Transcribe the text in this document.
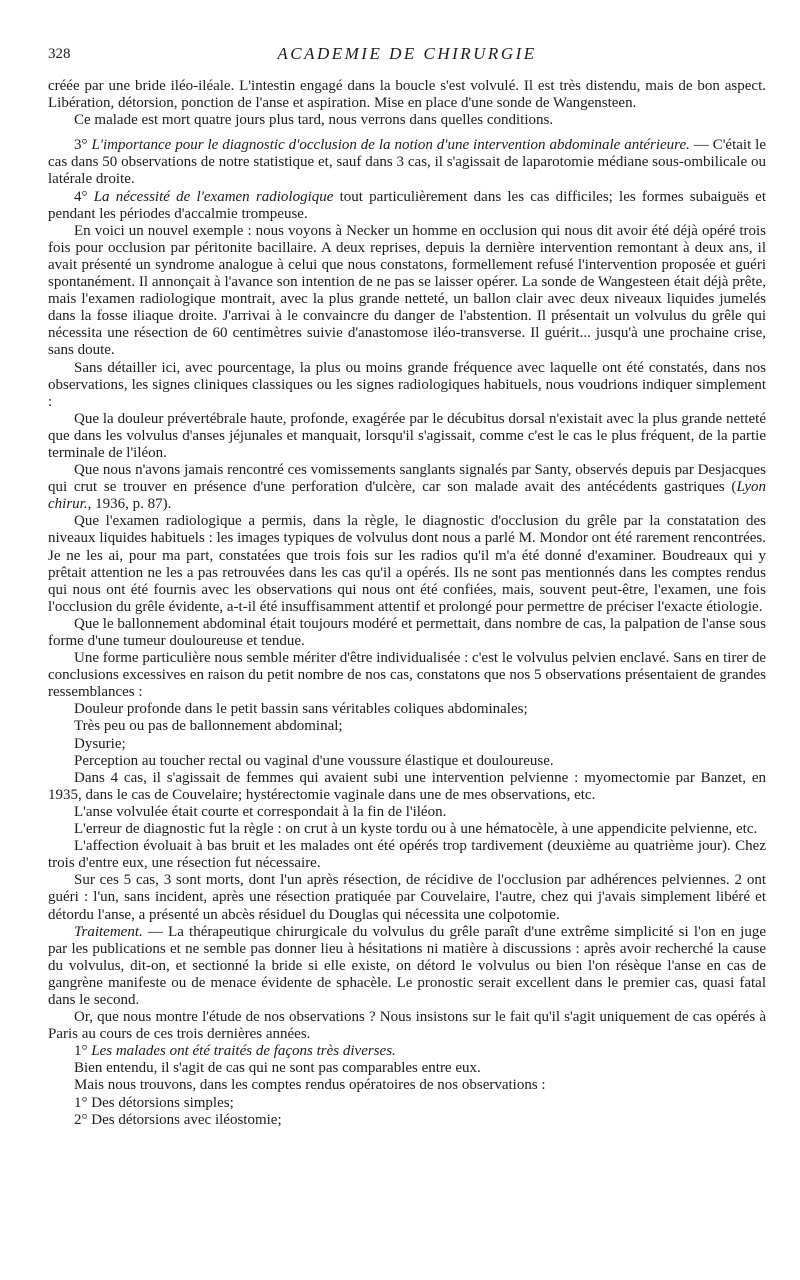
328	ACADEMIE DE CHIRURGIE

créée par une bride iléo-iléale. L'intestin engagé dans la boucle s'est volvulé. Il est très distendu, mais de bon aspect. Libération, détorsion, ponction de l'anse et aspiration. Mise en place d'une sonde de Wangensteen.

Ce malade est mort quatre jours plus tard, nous verrons dans quelles conditions.

3° L'importance pour le diagnostic d'occlusion de la notion d'une intervention abdominale antérieure. — C'était le cas dans 50 observations de notre statistique et, sauf dans 3 cas, il s'agissait de laparotomie médiane sous-ombilicale ou latérale droite.

4° La nécessité de l'examen radiologique tout particulièrement dans les cas difficiles; les formes subaiguës et pendant les périodes d'accalmie trompeuse.

En voici un nouvel exemple : nous voyons à Necker un homme en occlusion qui nous dit avoir été déjà opéré trois fois pour occlusion par péritonite bacillaire. A deux reprises, depuis la dernière intervention remontant à deux ans, il avait présenté un syndrome analogue à celui que nous constatons, formellement refusé l'intervention proposée et guéri spontanément. Il annonçait à l'avance son intention de ne pas se laisser opérer. La sonde de Wangesteen était déjà prête, mais l'examen radiologique montrait, avec la plus grande netteté, un ballon clair avec deux niveaux liquides jumelés dans la fosse iliaque droite. J'arrivai à le convaincre du danger de l'abstention. Il présentait un volvulus du grêle qui nécessita une résection de 60 centimètres suivie d'anastomose iléo-transverse. Il guérit... jusqu'à une prochaine crise, sans doute.

Sans détailler ici, avec pourcentage, la plus ou moins grande fréquence avec laquelle ont été constatés, dans nos observations, les signes cliniques classiques ou les signes radiologiques habituels, nous voudrions indiquer simplement :

Que la douleur prévertébrale haute, profonde, exagérée par le décubitus dorsal n'existait avec la plus grande netteté que dans les volvulus d'anses jéjunales et manquait, lorsqu'il s'agissait, comme c'est le cas le plus fréquent, de la partie terminale de l'iléon.

Que nous n'avons jamais rencontré ces vomissements sanglants signalés par Santy, observés depuis par Desjacques qui crut se trouver en présence d'une perforation d'ulcère, car son malade avait des antécédents gastriques (Lyon chirur., 1936, p. 87).

Que l'examen radiologique a permis, dans la règle, le diagnostic d'occlusion du grêle par la constatation des niveaux liquides habituels : les images typiques de volvulus dont nous a parlé M. Mondor ont été rarement rencontrées. Je ne les ai, pour ma part, constatées que trois fois sur les radios qu'il m'a été donné d'examiner. Boudreaux qui y prêtait attention ne les a pas retrouvées dans les cas qu'il a opérés. Ils ne sont pas mentionnés dans les comptes rendus qui nous ont été fournis avec les observations qui nous ont été confiées, mais, souvent peut-être, l'examen, une fois l'occlusion du grêle évidente, a-t-il été insuffisamment attentif et prolongé pour permettre de préciser l'exacte étiologie.

Que le ballonnement abdominal était toujours modéré et permettait, dans nombre de cas, la palpation de l'anse sous forme d'une tumeur douloureuse et tendue.

Une forme particulière nous semble mériter d'être individualisée : c'est le volvulus pelvien enclavé. Sans en tirer de conclusions excessives en raison du petit nombre de nos cas, constatons que nos 5 observations présentaient de grandes ressemblances :

Douleur profonde dans le petit bassin sans véritables coliques abdominales;

Très peu ou pas de ballonnement abdominal;

Dysurie;

Perception au toucher rectal ou vaginal d'une voussure élastique et douloureuse.

Dans 4 cas, il s'agissait de femmes qui avaient subi une intervention pelvienne : myomectomie par Banzet, en 1935, dans le cas de Couvelaire; hystérectomie vaginale dans une de mes observations, etc.

L'anse volvulée était courte et correspondait à la fin de l'iléon.

L'erreur de diagnostic fut la règle : on crut à un kyste tordu ou à une hématocèle, à une appendicite pelvienne, etc.

L'affection évoluait à bas bruit et les malades ont été opérés trop tardivement (deuxième au quatrième jour). Chez trois d'entre eux, une résection fut nécessaire.

Sur ces 5 cas, 3 sont morts, dont l'un après résection, de récidive de l'occlusion par adhérences pelviennes. 2 ont guéri : l'un, sans incident, après une résection pratiquée par Couvelaire, l'autre, chez qui j'avais simplement libéré et détordu l'anse, a présenté un abcès résiduel du Douglas qui nécessita une colpotomie.

Traitement. — La thérapeutique chirurgicale du volvulus du grêle paraît d'une extrême simplicité si l'on en juge par les publications et ne semble pas donner lieu à hésitations ni matière à discussions : après avoir recherché la cause du volvulus, dit-on, et sectionné la bride si elle existe, on détord le volvulus ou bien l'on résèque l'anse en cas de gangrène manifeste ou de menace évidente de sphacèle. Le pronostic serait excellent dans le premier cas, quasi fatal dans le second.

Or, que nous montre l'étude de nos observations ? Nous insistons sur le fait qu'il s'agit uniquement de cas opérés à Paris au cours de ces trois dernières années.

1° Les malades ont été traités de façons très diverses.

Bien entendu, il s'agit de cas qui ne sont pas comparables entre eux.

Mais nous trouvons, dans les comptes rendus opératoires de nos observations :

1° Des détorsions simples;

2° Des détorsions avec iléostomie;
